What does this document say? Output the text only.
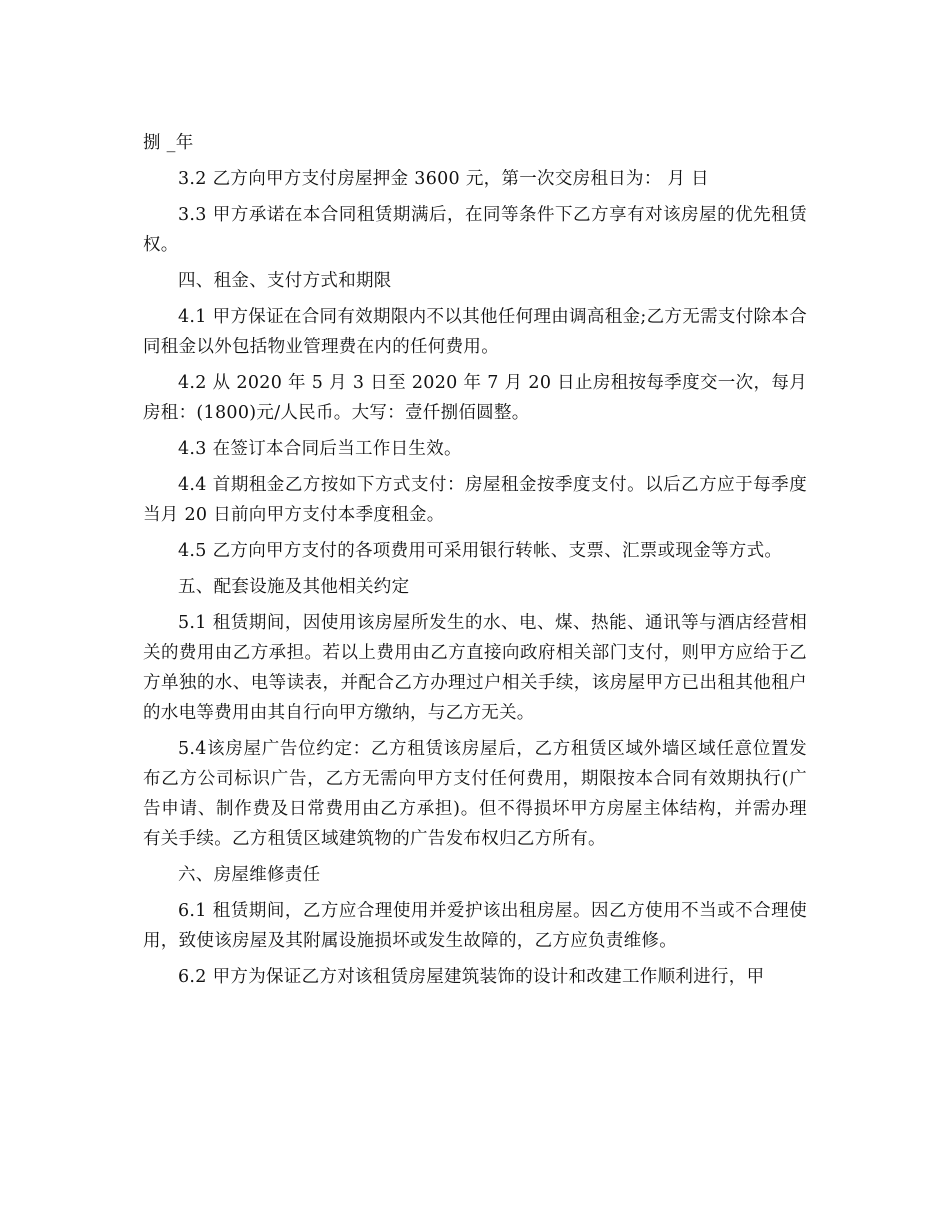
捌 _年

3.2 乙方向甲方支付房屋押金 3600 元，第一次交房租日为： 月 日

3.3 甲方承诺在本合同租赁期满后，在同等条件下乙方享有对该房屋的优先租赁权。

四、租金、支付方式和期限

4.1 甲方保证在合同有效期限内不以其他任何理由调高租金;乙方无需支付除本合同租金以外包括物业管理费在内的任何费用。

4.2 从 2020 年 5 月 3 日至 2020 年 7 月 20 日止房租按每季度交一次，每月房租：(1800)元/人民币。大写：壹仟捌佰圆整。

4.3 在签订本合同后当工作日生效。

4.4 首期租金乙方按如下方式支付：房屋租金按季度支付。以后乙方应于每季度当月 20 日前向甲方支付本季度租金。

4.5 乙方向甲方支付的各项费用可采用银行转帐、支票、汇票或现金等方式。

五、配套设施及其他相关约定

5.1 租赁期间，因使用该房屋所发生的水、电、煤、热能、通讯等与酒店经营相关的费用由乙方承担。若以上费用由乙方直接向政府相关部门支付，则甲方应给于乙方单独的水、电等读表，并配合乙方办理过户相关手续，该房屋甲方已出租其他租户的水电等费用由其自行向甲方缴纳，与乙方无关。

5.4该房屋广告位约定：乙方租赁该房屋后，乙方租赁区域外墙区域任意位置发布乙方公司标识广告，乙方无需向甲方支付任何费用，期限按本合同有效期执行(广告申请、制作费及日常费用由乙方承担)。但不得损坏甲方房屋主体结构，并需办理有关手续。乙方租赁区域建筑物的广告发布权归乙方所有。

六、房屋维修责任

6.1 租赁期间，乙方应合理使用并爱护该出租房屋。因乙方使用不当或不合理使用，致使该房屋及其附属设施损坏或发生故障的，乙方应负责维修。

6.2 甲方为保证乙方对该租赁房屋建筑装饰的设计和改建工作顺利进行，甲
